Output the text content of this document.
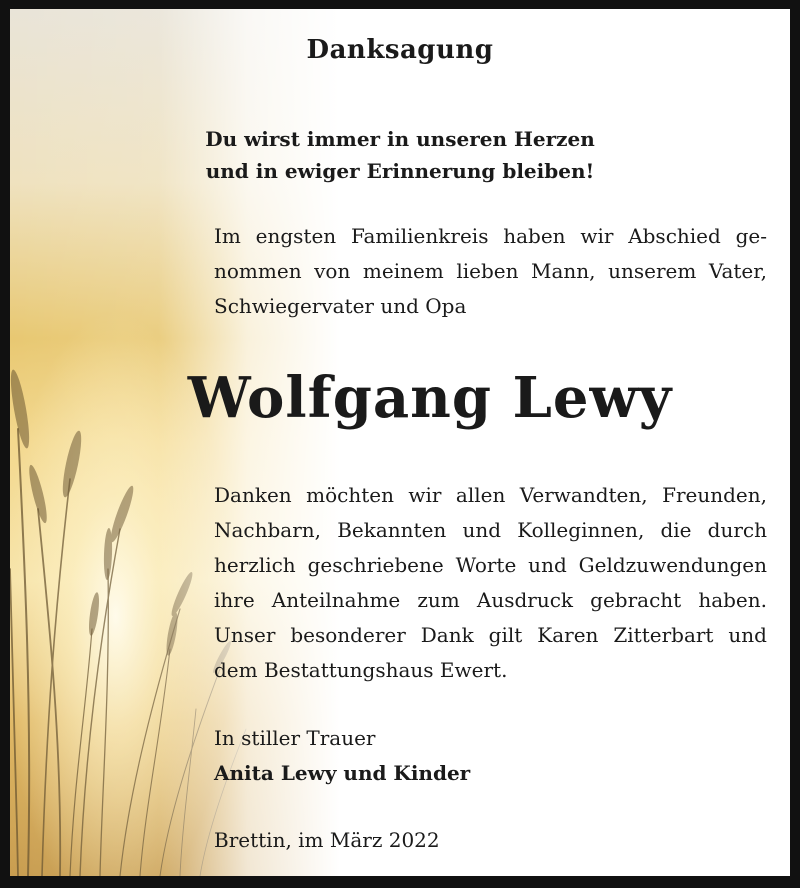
Danksagung
Du wirst immer in unseren Herzen
und in ewiger Erinnerung bleiben!
Im engsten Familienkreis haben wir Abschied ge-
nommen von meinem lieben Mann, unserem Vater,
Schwiegervater und Opa
Wolfgang Lewy
Danken möchten wir allen Verwandten, Freunden,
Nachbarn, Bekannten und Kolleginnen, die durch
herzlich geschriebene Worte und Geldzuwendungen
ihre Anteilnahme zum Ausdruck gebracht haben.
Unser besonderer Dank gilt Karen Zitterbart und
dem Bestattungshaus Ewert.
In stiller Trauer
Anita Lewy und Kinder
Brettin, im März 2022
